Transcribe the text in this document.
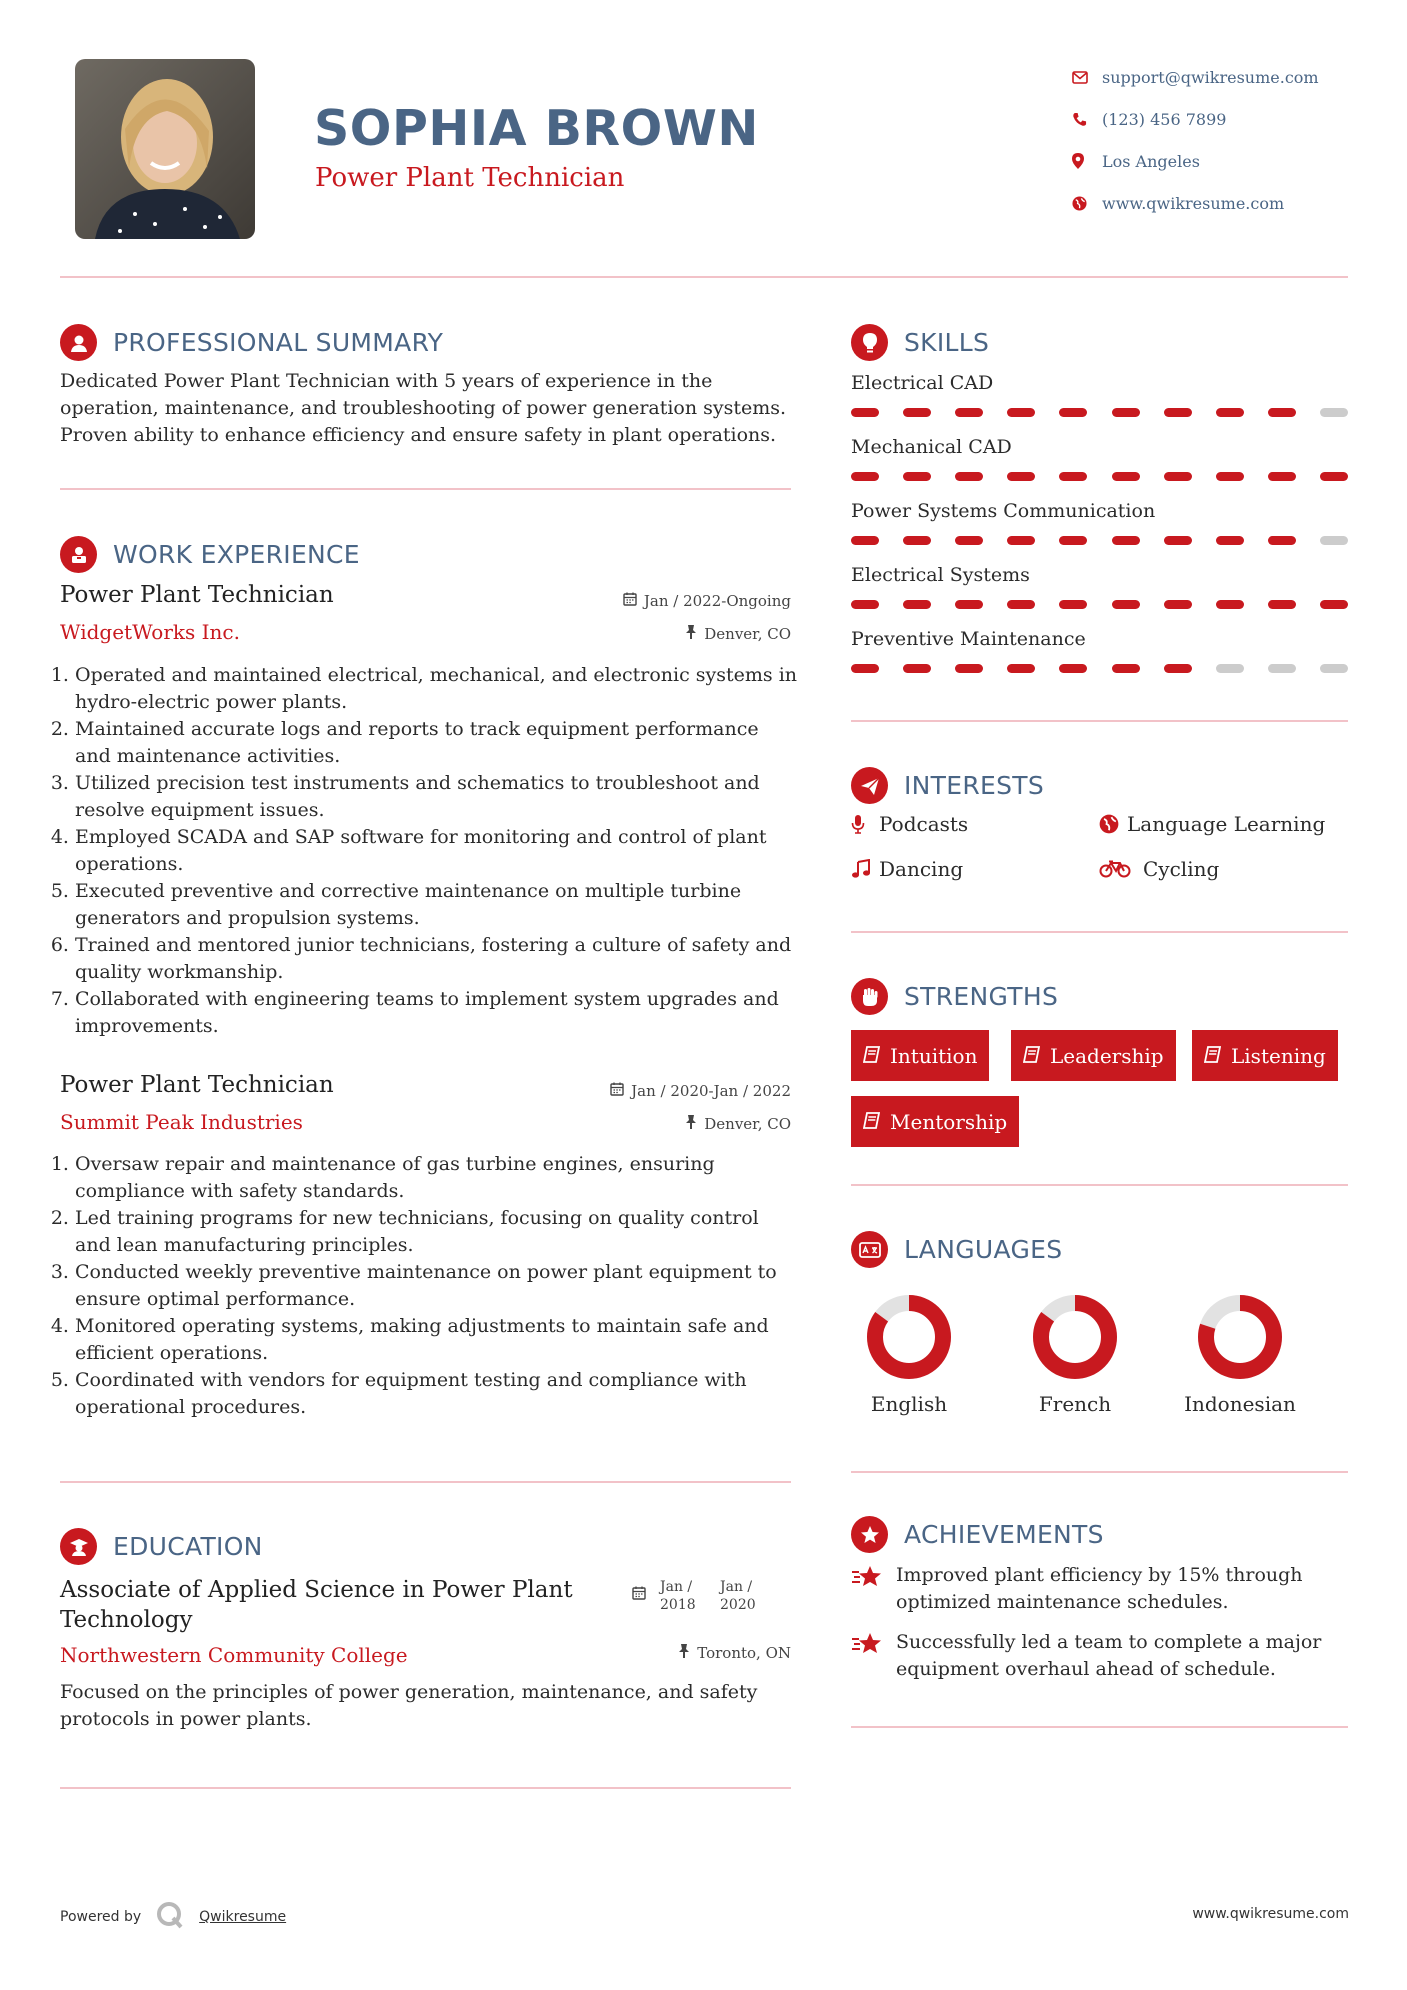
SOPHIA BROWN
Power Plant Technician
support@qwikresume.com
(123) 456 7899
Los Angeles
www.qwikresume.com
PROFESSIONAL SUMMARY
Dedicated Power Plant Technician with 5 years of experience in the operation, maintenance, and troubleshooting of power generation systems. Proven ability to enhance efficiency and ensure safety in plant operations.
WORK EXPERIENCE
Power Plant Technician	Jan / 2022-Ongoing
WidgetWorks Inc.	Denver, CO
1. Operated and maintained electrical, mechanical, and electronic systems in hydro-electric power plants.
2. Maintained accurate logs and reports to track equipment performance and maintenance activities.
3. Utilized precision test instruments and schematics to troubleshoot and resolve equipment issues.
4. Employed SCADA and SAP software for monitoring and control of plant operations.
5. Executed preventive and corrective maintenance on multiple turbine generators and propulsion systems.
6. Trained and mentored junior technicians, fostering a culture of safety and quality workmanship.
7. Collaborated with engineering teams to implement system upgrades and improvements.
Power Plant Technician	Jan / 2020-Jan / 2022
Summit Peak Industries	Denver, CO
1. Oversaw repair and maintenance of gas turbine engines, ensuring compliance with safety standards.
2. Led training programs for new technicians, focusing on quality control and lean manufacturing principles.
3. Conducted weekly preventive maintenance on power plant equipment to ensure optimal performance.
4. Monitored operating systems, making adjustments to maintain safe and efficient operations.
5. Coordinated with vendors for equipment testing and compliance with operational procedures.
EDUCATION
Associate of Applied Science in Power Plant Technology
Jan / 2018
Jan / 2020
Northwestern Community College	Toronto, ON
Focused on the principles of power generation, maintenance, and safety protocols in power plants.
SKILLS
Electrical CAD
Mechanical CAD
Power Systems Communication
Electrical Systems
Preventive Maintenance
INTERESTS
Podcasts	Language Learning
Dancing	Cycling
STRENGTHS
Intuition	Leadership	Listening
Mentorship
LANGUAGES
English	French	Indonesian
ACHIEVEMENTS
Improved plant efficiency by 15% through optimized maintenance schedules.
Successfully led a team to complete a major equipment overhaul ahead of schedule.
Powered by	Qwikresume	www.qwikresume.com
